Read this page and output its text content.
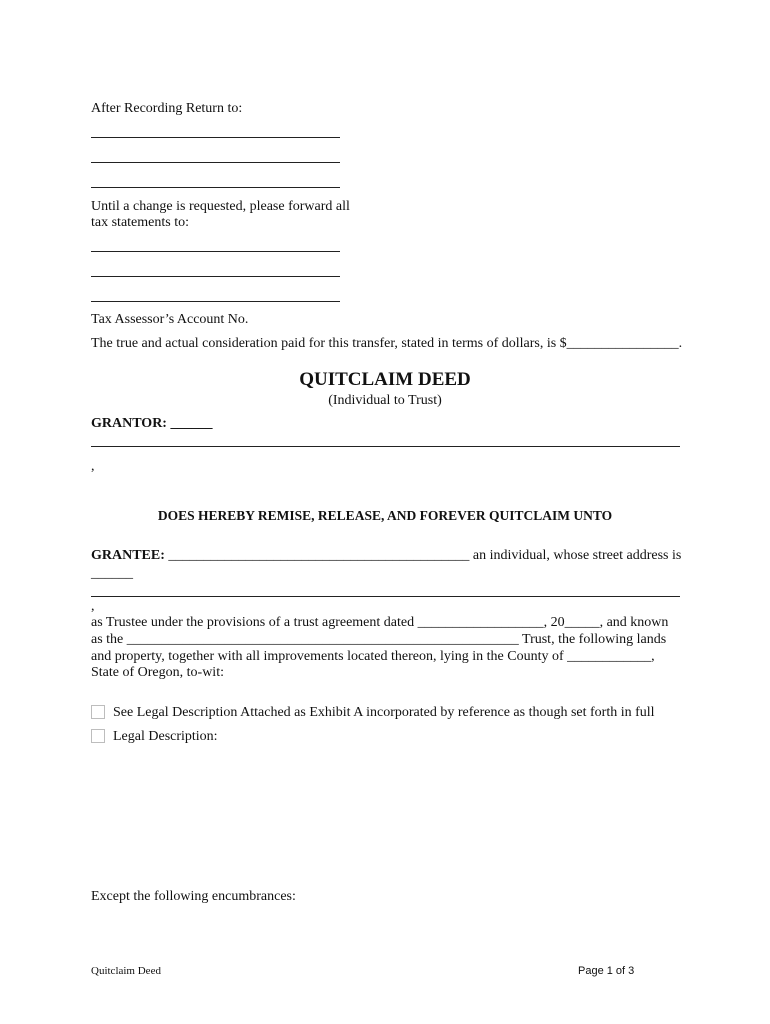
After Recording Return to:
Until a change is requested, please forward all
tax statements to:
Tax Assessor’s Account No.
The true and actual consideration paid for this transfer, stated in terms of dollars, is $________________.
QUITCLAIM DEED
(Individual to Trust)
GRANTOR: ______
,
DOES HEREBY REMISE, RELEASE, AND FOREVER QUITCLAIM UNTO
GRANTEE: ___________________________________________ an individual, whose street address is
______
,
as Trustee under the provisions of a trust agreement dated __________________, 20_____, and known
as the ________________________________________________________ Trust, the following lands
and property, together with all improvements located thereon, lying in the County of ____________,
State of Oregon, to-wit:
See Legal Description Attached as Exhibit A incorporated by reference as though set forth in full
Legal Description:
Except the following encumbrances:
Quitclaim Deed	Page 1 of 3
